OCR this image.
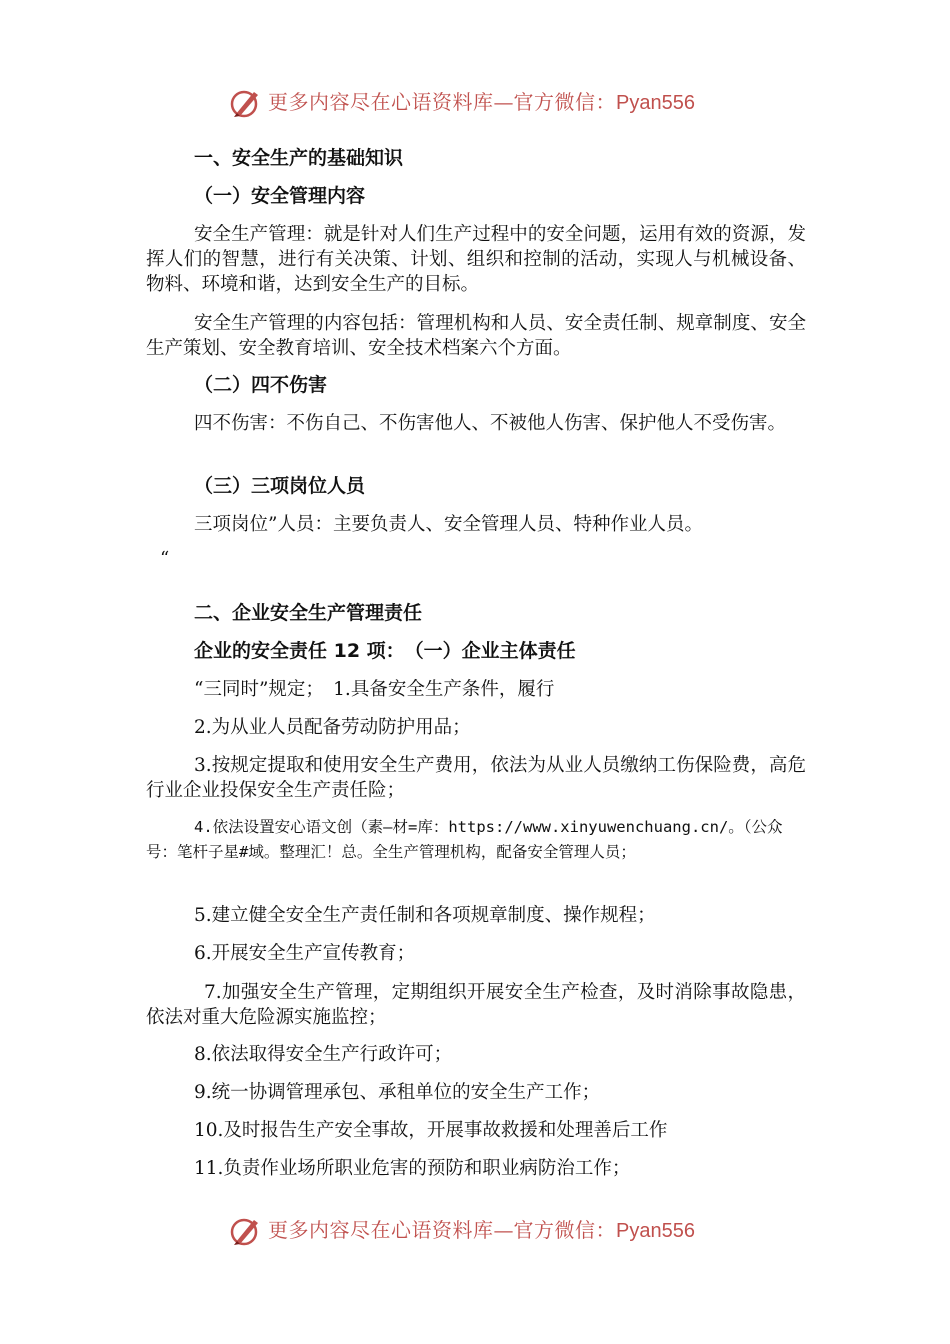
更多内容尽在心语资料库—官方微信：Pyan556
一、安全生产的基础知识
（一）安全管理内容
安全生产管理：就是针对人们生产过程中的安全问题，运用有效的资源，发挥人们的智慧，进行有关决策、计划、组织和控制的活动，实现人与机械设备、物料、环境和谐，达到安全生产的目标。
安全生产管理的内容包括：管理机构和人员、安全责任制、规章制度、安全生产策划、安全教育培训、安全技术档案六个方面。
（二）四不伤害
四不伤害：不伤自己、不伤害他人、不被他人伤害、保护他人不受伤害。
（三）三项岗位人员
三项岗位”人员：主要负责人、安全管理人员、特种作业人员。
“
二、企业安全生产管理责任
企业的安全责任 12 项：　（一）企业主体责任
“三同时”规定；　1.具备安全生产条件，履行
2.为从业人员配备劳动防护用品；
3.按规定提取和使用安全生产费用，依法为从业人员缴纳工伤保险费，高危行业企业投保安全生产责任险；
4.依法设置安心语文创（素—材=库：https://www.xinyuwenchuang.cn/。（公众号：笔杆子星#域。整理汇！总。全生产管理机构，配备安全管理人员；
5.建立健全安全生产责任制和各项规章制度、操作规程；
6.开展安全生产宣传教育；
7.加强安全生产管理，定期组织开展安全生产检查，及时消除事故隐患，依法对重大危险源实施监控；
8.依法取得安全生产行政许可；
9.统一协调管理承包、承租单位的安全生产工作；
10.及时报告生产安全事故，开展事故救援和处理善后工作
11.负责作业场所职业危害的预防和职业病防治工作；
更多内容尽在心语资料库—官方微信：Pyan556
